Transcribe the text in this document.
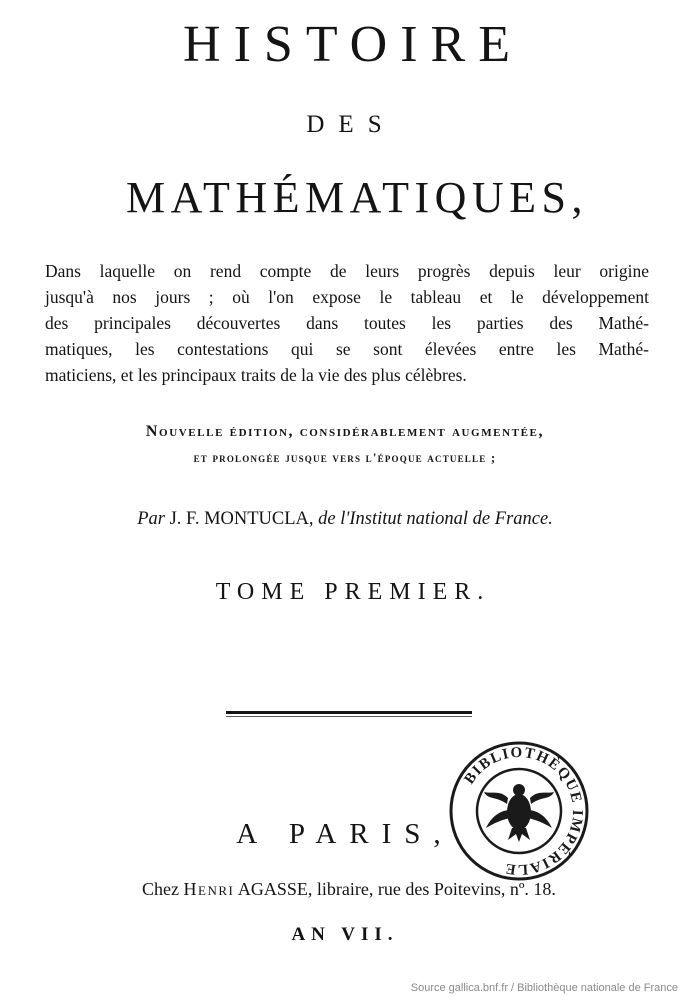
HISTOIRE
DES
MATHÉMATIQUES,
Dans laquelle on rend compte de leurs progrès depuis leur origine
jusqu'à nos jours ; où l'on expose le tableau et le développement
des principales découvertes dans toutes les parties des Mathé-
matiques, les contestations qui se sont élevées entre les Mathé-
maticiens, et les principaux traits de la vie des plus célèbres.
Nouvelle édition, considérablement augmentée,
et prolongée jusque vers l'époque actuelle ;
Par J. F. MONTUCLA, de l'Institut national de France.
TOME PREMIER.
BIBLIOTHÈQUE IMPÉRIALE
A PARIS,
Chez Henri AGASSE, libraire, rue des Poitevins, nº. 18.
AN VII.
Source gallica.bnf.fr / Bibliothèque nationale de France
